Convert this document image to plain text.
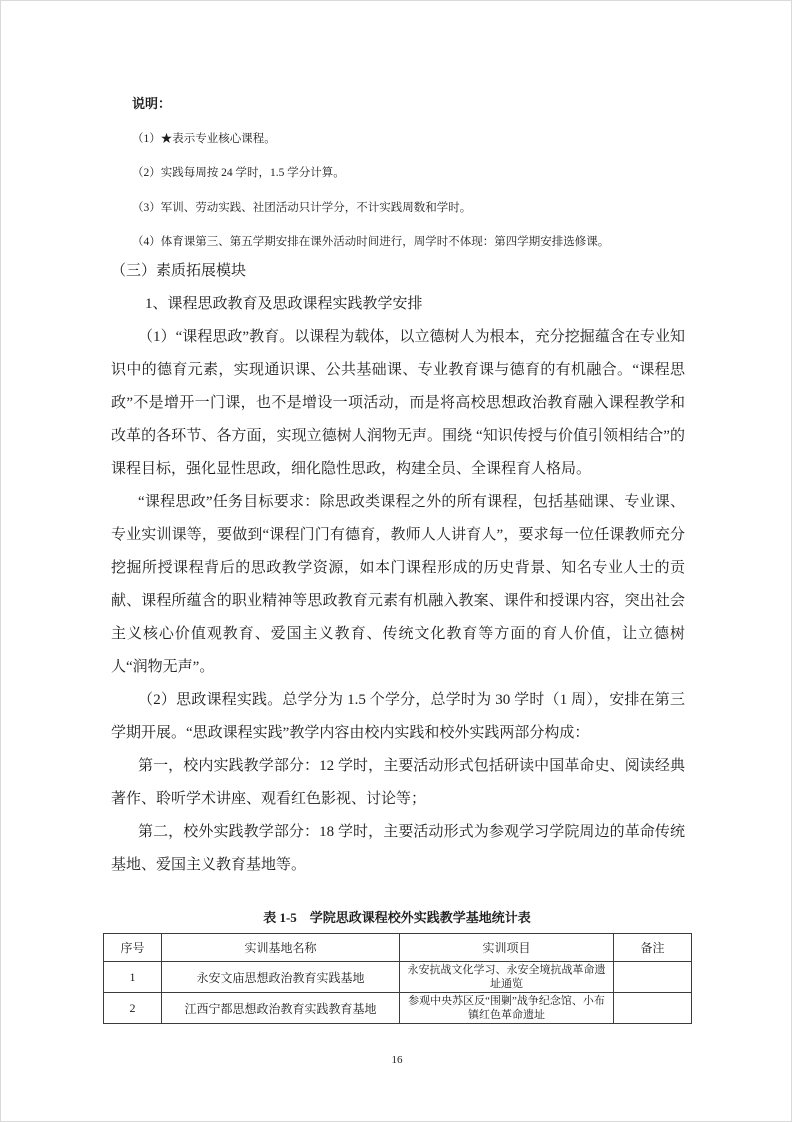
说明：
（1）★表示专业核心课程。
（2）实践每周按 24 学时，1.5 学分计算。
（3）军训、劳动实践、社团活动只计学分，不计实践周数和学时。
（4）体育课第三、第五学期安排在课外活动时间进行，周学时不体现：第四学期安排选修课。
（三）素质拓展模块
1、课程思政教育及思政课程实践教学安排

（1）“课程思政”教育。以课程为载体，以立德树人为根本，充分挖掘蕴含在专业知识中的德育元素，实现通识课、公共基础课、专业教育课与德育的有机融合。“课程思政”不是增开一门课，也不是增设一项活动，而是将高校思想政治教育融入课程教学和改革的各环节、各方面，实现立德树人润物无声。围绕 “知识传授与价值引领相结合”的课程目标，强化显性思政，细化隐性思政，构建全员、全课程育人格局。

“课程思政”任务目标要求：除思政类课程之外的所有课程，包括基础课、专业课、专业实训课等，要做到“课程门门有德育，教师人人讲育人”，要求每一位任课教师充分挖掘所授课程背后的思政教学资源，如本门课程形成的历史背景、知名专业人士的贡献、课程所蕴含的职业精神等思政教育元素有机融入教案、课件和授课内容，突出社会主义核心价值观教育、爱国主义教育、传统文化教育等方面的育人价值，让立德树人“润物无声”。

（2）思政课程实践。总学分为 1.5 个学分，总学时为 30 学时（1 周），安排在第三学期开展。“思政课程实践”教学内容由校内实践和校外实践两部分构成：

第一，校内实践教学部分：12 学时，主要活动形式包括研读中国革命史、阅读经典著作、聆听学术讲座、观看红色影视、讨论等；

第二，校外实践教学部分：18 学时，主要活动形式为参观学习学院周边的革命传统基地、爱国主义教育基地等。

表 1-5　学院思政课程校外实践教学基地统计表
序号	实训基地名称	实训项目	备注
1	永安文庙思想政治教育实践基地	永安抗战文化学习、永安全境抗战革命遗址通览	
2	江西宁都思想政治教育实践教育基地	参观中央苏区反“围剿”战争纪念馆、小布镇红色革命遗址	
16
